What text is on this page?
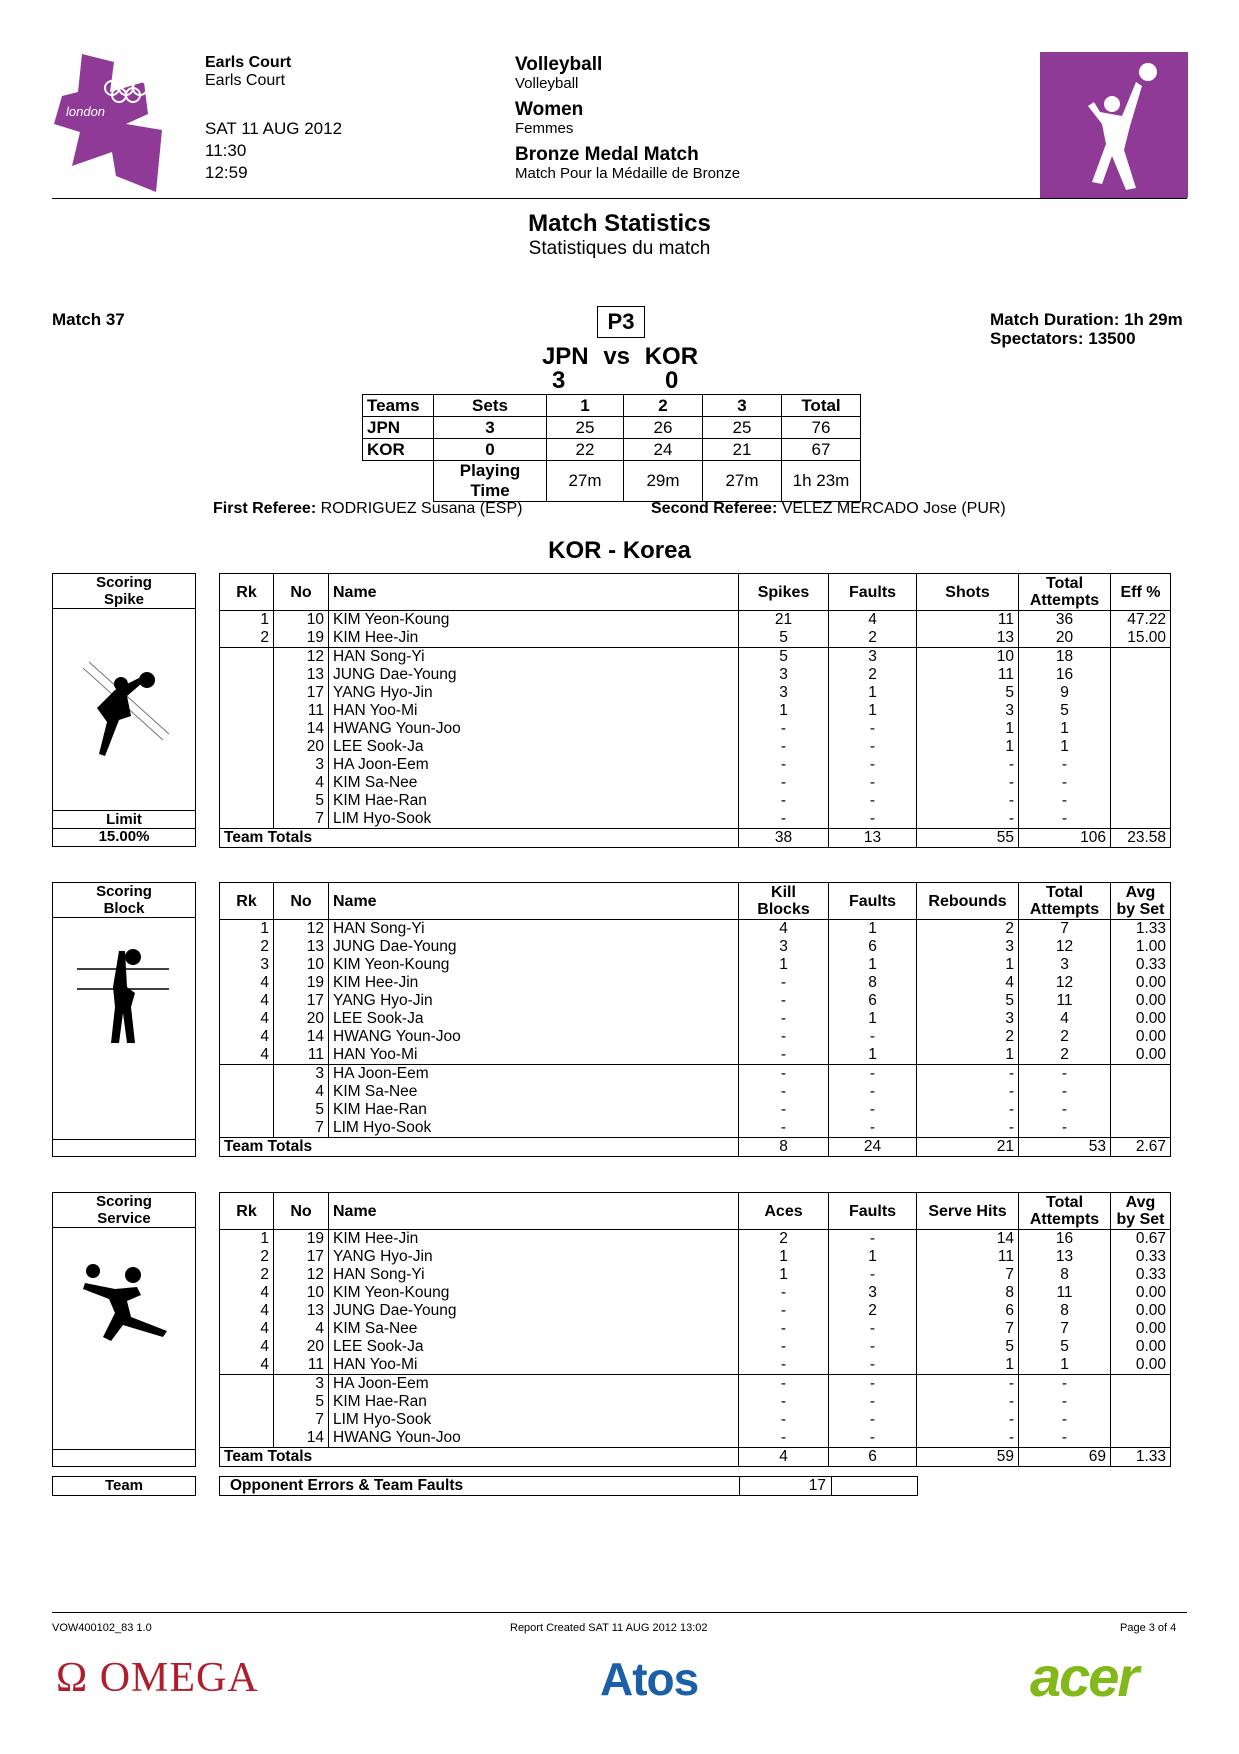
london
Earls Court
Earls Court
SAT 11 AUG 2012
11:30
12:59
Volleyball
Volleyball
Women
Femmes
Bronze Medal Match
Match Pour la Médaille de Bronze
Match Statistics
Statistiques du match
Match 37	Match Duration: 1h 29m
Spectators: 13500
P3
JPN vs KOR
3	0
Teams	Sets	1	2	3	Total
JPN	3	25	26	25	76
KOR	0	22	24	21	67
	Playing Time	27m	29m	27m	1h 23m
First Referee: RODRIGUEZ Susana (ESP)	Second Referee: VELEZ MERCADO Jose (PUR)
KOR - Korea
Scoring
Spike
Limit
15.00%
Rk	No	Name	Spikes	Faults	Shots	Total Attempts	Eff %
1	10	KIM Yeon-Koung	21	4	11	36	47.22
2	19	KIM Hee-Jin	5	2	13	20	15.00
	12	HAN Song-Yi	5	3	10	18	
	13	JUNG Dae-Young	3	2	11	16	
	17	YANG Hyo-Jin	3	1	5	9	
	11	HAN Yoo-Mi	1	1	3	5	
	14	HWANG Youn-Joo	-	-	1	1	
	20	LEE Sook-Ja	-	-	1	1	
	3	HA Joon-Eem	-	-	-	-	
	4	KIM Sa-Nee	-	-	-	-	
	5	KIM Hae-Ran	-	-	-	-	
	7	LIM Hyo-Sook	-	-	-	-	
Team Totals			38	13	55	106	23.58
Scoring
Block	Rk	No	Name	Kill Blocks	Faults	Rebounds	Total Attempts	Avg by Set
1	12	HAN Song-Yi	4	1	2	7	1.33
2	13	JUNG Dae-Young	3	6	3	12	1.00
3	10	KIM Yeon-Koung	1	1	1	3	0.33
4	19	KIM Hee-Jin	-	8	4	12	0.00
4	17	YANG Hyo-Jin	-	6	5	11	0.00
4	20	LEE Sook-Ja	-	1	3	4	0.00
4	14	HWANG Youn-Joo	-	-	2	2	0.00
4	11	HAN Yoo-Mi	-	1	1	2	0.00
	3	HA Joon-Eem	-	-	-	-	
	4	KIM Sa-Nee	-	-	-	-	
	5	KIM Hae-Ran	-	-	-	-	
	7	LIM Hyo-Sook	-	-	-	-	
Team Totals			8	24	21	53	2.67
Scoring
Service	Rk	No	Name	Aces	Faults	Serve Hits	Total Attempts	Avg by Set
1	19	KIM Hee-Jin	2	-	14	16	0.67
2	17	YANG Hyo-Jin	1	1	11	13	0.33
2	12	HAN Song-Yi	1	-	7	8	0.33
4	10	KIM Yeon-Koung	-	3	8	11	0.00
4	13	JUNG Dae-Young	-	2	6	8	0.00
4	4	KIM Sa-Nee	-	-	7	7	0.00
4	20	LEE Sook-Ja	-	-	5	5	0.00
4	11	HAN Yoo-Mi	-	-	1	1	0.00
	3	HA Joon-Eem	-	-	-	-	
	5	KIM Hae-Ran	-	-	-	-	
	7	LIM Hyo-Sook	-	-	-	-	
	14	HWANG Youn-Joo	-	-	-	-	
Team Totals			4	6	59	69	1.33
Team	Opponent Errors & Team Faults	17
VOW400102_83 1.0	Report Created SAT 11 AUG 2012 13:02	Page 3 of 4
Ω OMEGA	Atos	acer
